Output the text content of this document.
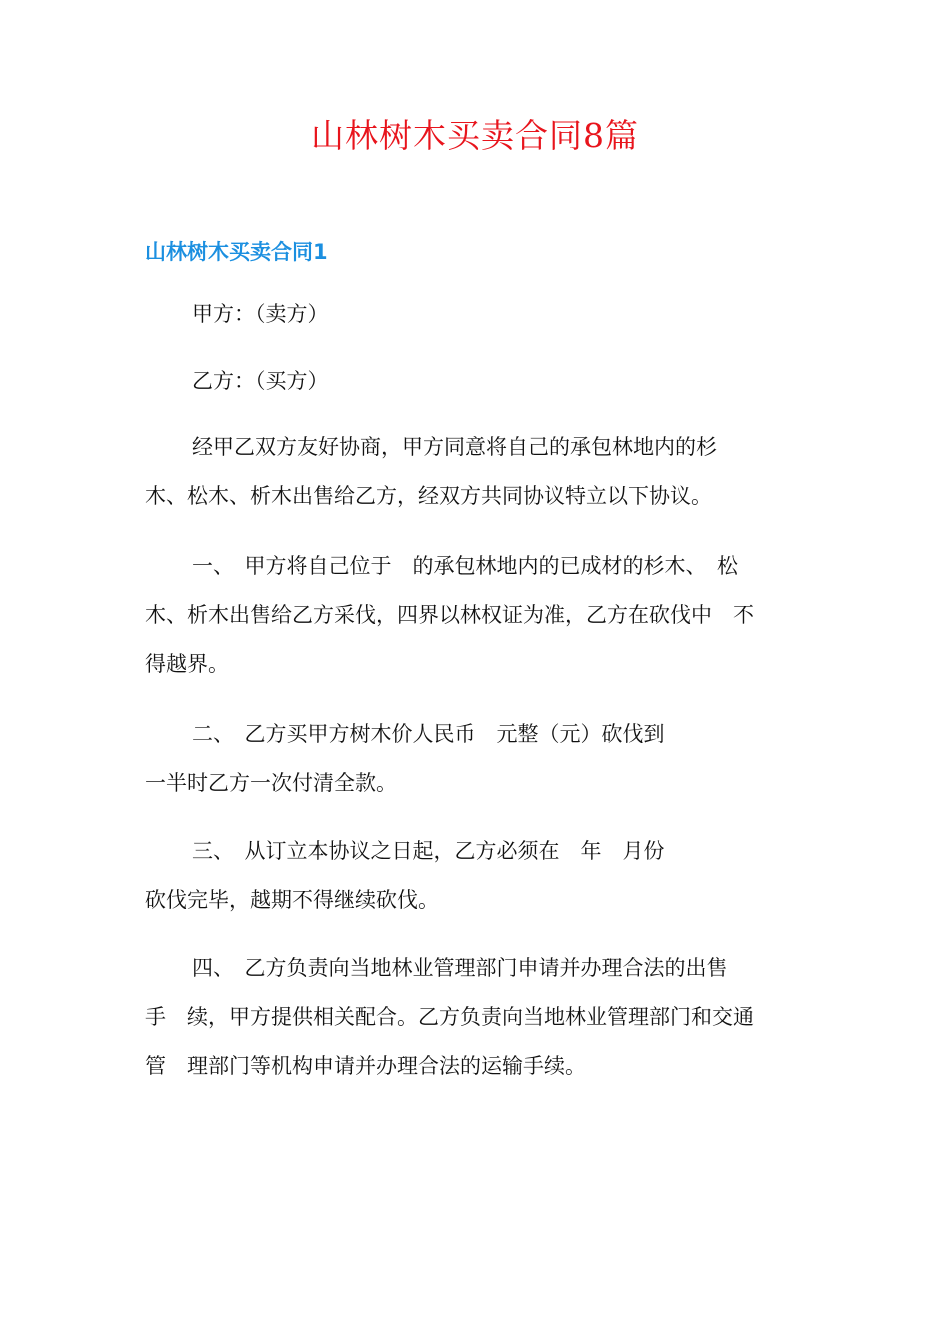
山林树木买卖合同8篇
山林树木买卖合同1

甲方：（卖方）

乙方：（买方）

经甲乙双方友好协商，甲方同意将自己的承包林地内的杉
木、松木、析木出售给乙方，经双方共同协议特立以下协议。

一、　甲方将自己位于　的承包林地内的已成材的杉木、　松
木、析木出售给乙方采伐，四界以林权证为准，乙方在砍伐中　不
得越界。

二、　乙方买甲方树木价人民币　元整（元）砍伐到
一半时乙方一次付清全款。

三、　从订立本协议之日起，乙方必须在　年　月份
砍伐完毕，越期不得继续砍伐。

四、　乙方负责向当地林业管理部门申请并办理合法的出售
手　续，甲方提供相关配合。乙方负责向当地林业管理部门和交通
管　理部门等机构申请并办理合法的运输手续。
